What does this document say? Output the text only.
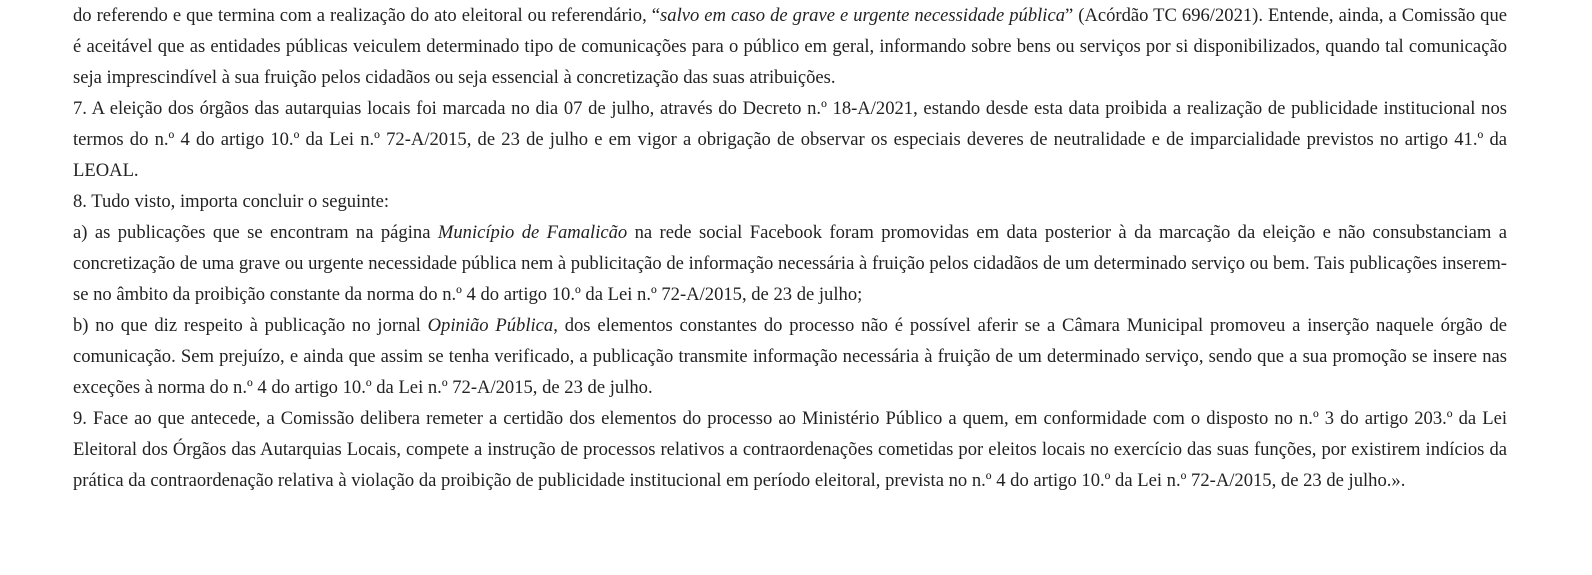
do referendo e que termina com a realização do ato eleitoral ou referendário, “salvo em caso de grave e urgente necessidade pública” (Acórdão TC 696/2021). Entende, ainda, a Comissão que é aceitável que as entidades públicas veiculem determinado tipo de comunicações para o público em geral, informando sobre bens ou serviços por si disponibilizados, quando tal comunicação seja imprescindível à sua fruição pelos cidadãos ou seja essencial à concretização das suas atribuições.

7. A eleição dos órgãos das autarquias locais foi marcada no dia 07 de julho, através do Decreto n.º 18-A/2021, estando desde esta data proibida a realização de publicidade institucional nos termos do n.º 4 do artigo 10.º da Lei n.º 72-A/2015, de 23 de julho e em vigor a obrigação de observar os especiais deveres de neutralidade e de imparcialidade previstos no artigo 41.º da LEOAL.

8. Tudo visto, importa concluir o seguinte:

a) as publicações que se encontram na página Município de Famalicão na rede social Facebook foram promovidas em data posterior à da marcação da eleição e não consubstanciam a concretização de uma grave ou urgente necessidade pública nem à publicitação de informação necessária à fruição pelos cidadãos de um determinado serviço ou bem. Tais publicações inserem-se no âmbito da proibição constante da norma do n.º 4 do artigo 10.º da Lei n.º 72-A/2015, de 23 de julho;

b) no que diz respeito à publicação no jornal Opinião Pública, dos elementos constantes do processo não é possível aferir se a Câmara Municipal promoveu a inserção naquele órgão de comunicação. Sem prejuízo, e ainda que assim se tenha verificado, a publicação transmite informação necessária à fruição de um determinado serviço, sendo que a sua promoção se insere nas exceções à norma do n.º 4 do artigo 10.º da Lei n.º 72-A/2015, de 23 de julho.

9. Face ao que antecede, a Comissão delibera remeter a certidão dos elementos do processo ao Ministério Público a quem, em conformidade com o disposto no n.º 3 do artigo 203.º da Lei Eleitoral dos Órgãos das Autarquias Locais, compete a instrução de processos relativos a contraordenações cometidas por eleitos locais no exercício das suas funções, por existirem indícios da prática da contraordenação relativa à violação da proibição de publicidade institucional em período eleitoral, prevista no n.º 4 do artigo 10.º da Lei n.º 72-A/2015, de 23 de julho.».
